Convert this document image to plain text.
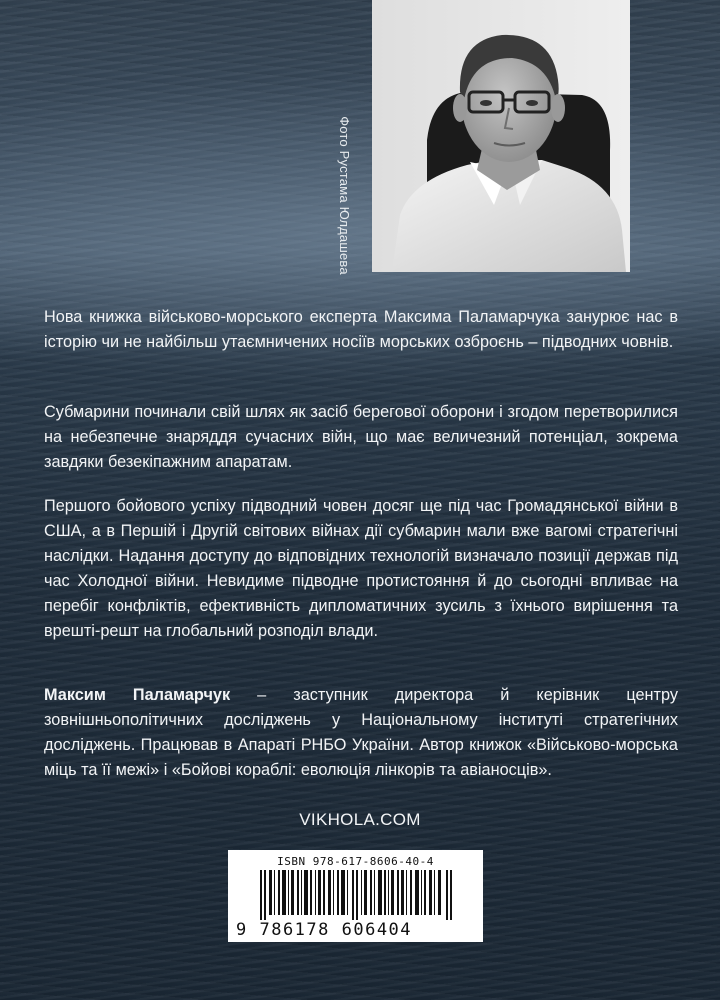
Фото Рустама Юлдашева

Нова книжка військово-морського експерта Максима Паламарчука занурює нас в історію чи не найбільш утаємничених носіїв морських озброєнь – підводних човнів.

Субмарини починали свій шлях як засіб берегової оборони і згодом перетворилися на небезпечне знаряддя сучасних війн, що має величезний потенціал, зокрема завдяки безекіпажним апаратам.

Першого бойового успіху підводний човен досяг ще під час Громадянської війни в США, а в Першій і Другій світових війнах дії субмарин мали вже вагомі стратегічні наслідки. Надання доступу до відповідних технологій визначало позиції держав під час Холодної війни. Невидиме підводне протистояння й до сьогодні впливає на перебіг конфліктів, ефективність дипломатичних зусиль з їхнього вирішення та врешті-решт на глобальний розподіл влади.

Максим Паламарчук – заступник директора й керівник центру зовнішньополітичних досліджень у Національному інституті стратегічних досліджень. Працював в Апараті РНБО України. Автор книжок «Військово-морська міць та її межі» і «Бойові кораблі: еволюція лінкорів та авіаносців».

VIKHOLA.COM
ISBN 978-617-8606-40-4
9 786178 606404
